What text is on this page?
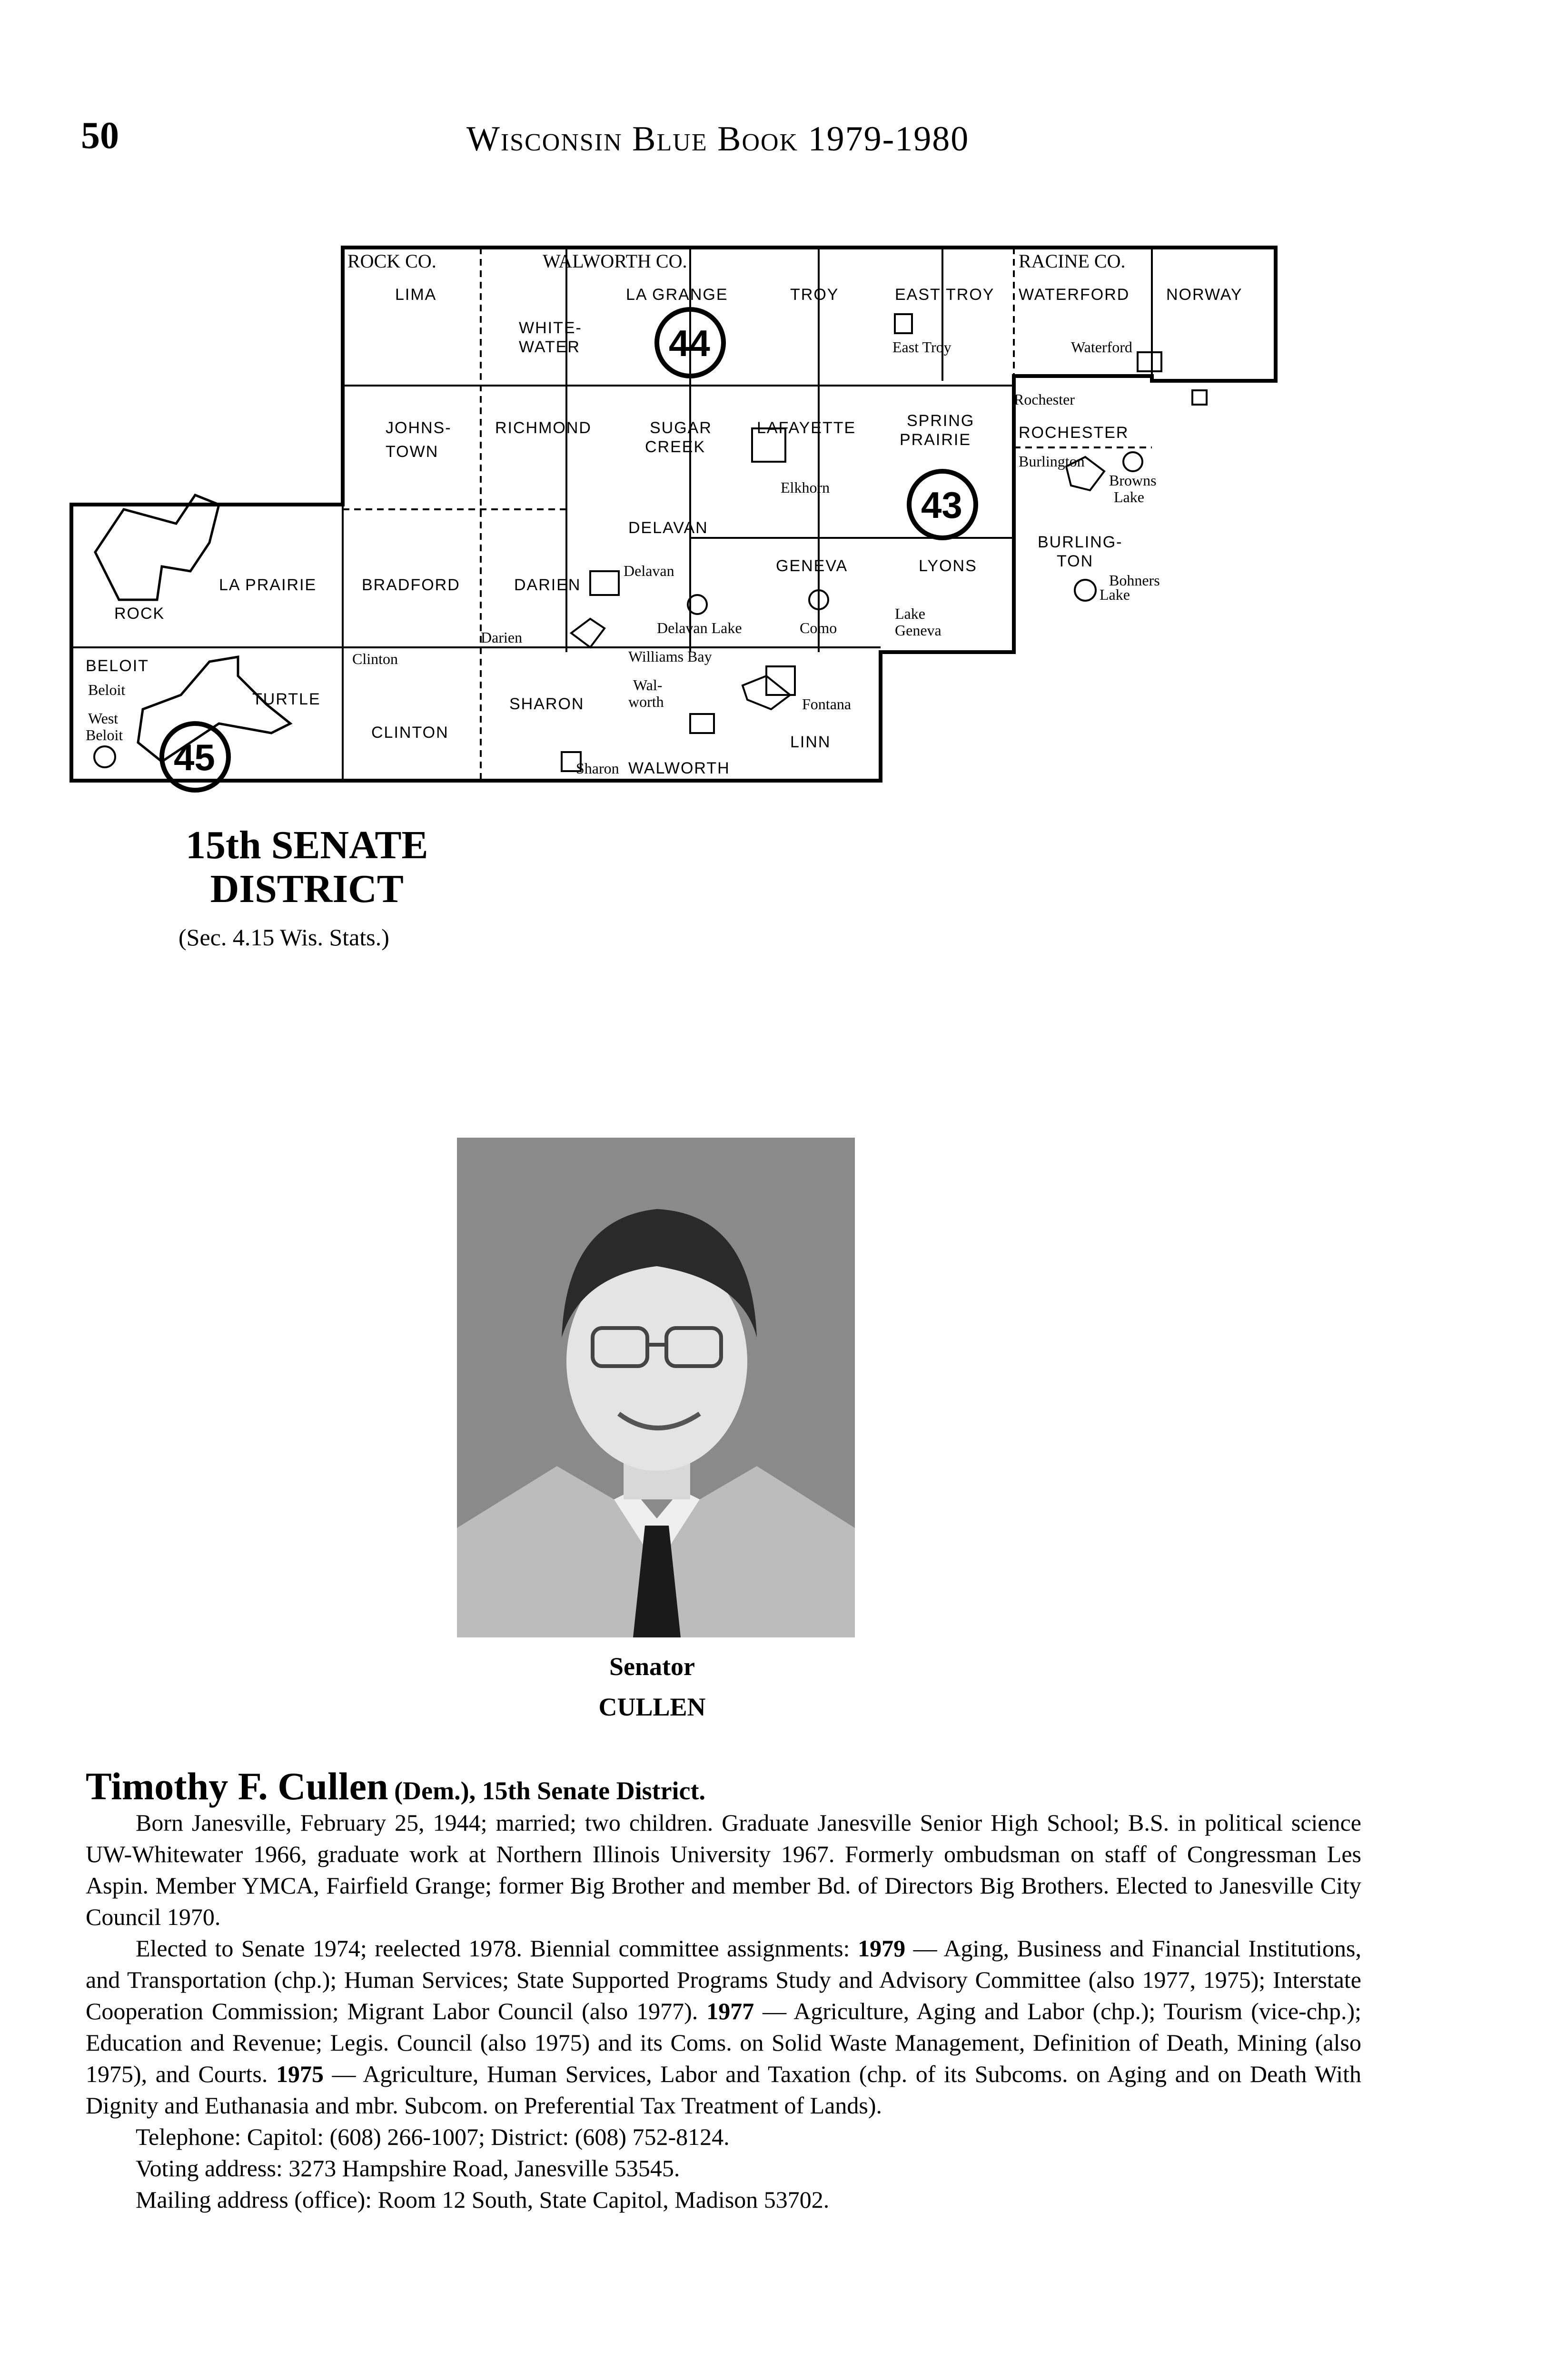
50	Wisconsin Blue Book 1979-1980
44
43
45
ROCK CO.	WALWORTH CO.	RACINE CO.
LIMA
WHITE-
WATER
LA GRANGE	TROY	EAST TROY WATERFORD NORWAY
JOHNS-
TOWN
RICHMOND	SUGAR
CREEK
LAFAYETTE	SPRING
PRAIRIE	ROCHESTER
LA PRAIRIE	BRADFORD	DARIEN
DELAVAN
GENEVA	LYONS
BURLING-
TON
ROCK
BELOIT
TURTLE
CLINTON
SHARON
WALWORTH
LINN
East Troy	Waterford
Rochester
Burlington
Browns
Lake
Bohners
Lake
Elkhorn
Delavan
Darien
Delavan Lake	Como
Lake
Geneva
Clinton	Williams Bay
Wal-
worth	Fontana
Sharon
Beloit
West
Beloit
15th SENATE
DISTRICT
(Sec. 4.15 Wis. Stats.)
Senator
CULLEN
Timothy F. Cullen (Dem.), 15th Senate District.

Born Janesville, February 25, 1944; married; two children. Graduate Janesville Senior High School; B.S. in political science UW-Whitewater 1966, graduate work at Northern Illinois University 1967. Formerly ombudsman on staff of Congressman Les Aspin. Member YMCA, Fairfield Grange; former Big Brother and member Bd. of Directors Big Brothers. Elected to Janesville City Council 1970.

Elected to Senate 1974; reelected 1978. Biennial committee assignments: 1979 — Aging, Business and Financial Institutions, and Transportation (chp.); Human Services; State Supported Programs Study and Advisory Committee (also 1977, 1975); Interstate Cooperation Commission; Migrant Labor Council (also 1977). 1977 — Agriculture, Aging and Labor (chp.); Tourism (vice-chp.); Education and Revenue; Legis. Council (also 1975) and its Coms. on Solid Waste Management, Definition of Death, Mining (also 1975), and Courts. 1975 — Agriculture, Human Services, Labor and Taxation (chp. of its Subcoms. on Aging and on Death With Dignity and Euthanasia and mbr. Subcom. on Preferential Tax Treatment of Lands).

Telephone: Capitol: (608) 266-1007; District: (608) 752-8124.

Voting address: 3273 Hampshire Road, Janesville 53545.

Mailing address (office): Room 12 South, State Capitol, Madison 53702.
